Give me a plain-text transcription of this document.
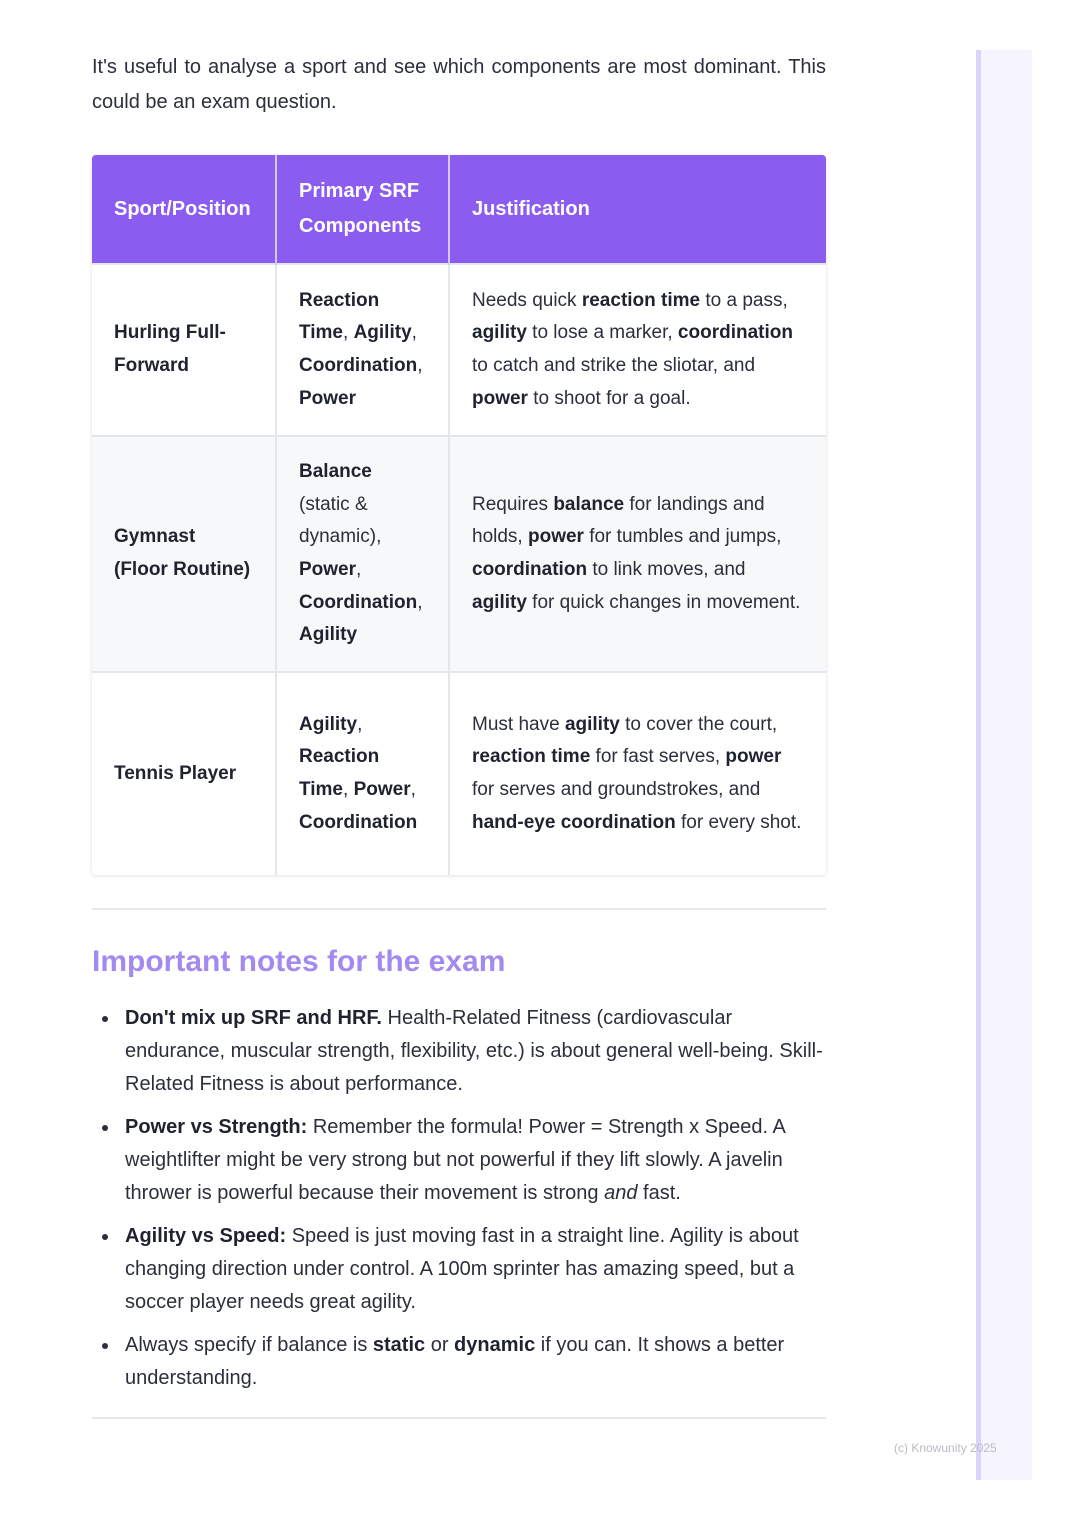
It's useful to analyse a sport and see which components are most dominant. This could be an exam question.

Sport/Position	Primary SRF Components	Justification
Hurling Full-Forward	Reaction Time, Agility, Coordination, Power	Needs quick reaction time to a pass, agility to lose a marker, coordination to catch and strike the sliotar, and power to shoot for a goal.
Gymnast (Floor Routine)	Balance (static & dynamic), Power, Coordination, Agility	Requires balance for landings and holds, power for tumbles and jumps, coordination to link moves, and agility for quick changes in movement.
Tennis Player	Agility, Reaction Time, Power, Coordination	Must have agility to cover the court, reaction time for fast serves, power for serves and groundstrokes, and hand-eye coordination for every shot.
Important notes for the exam
Don't mix up SRF and HRF. Health-Related Fitness (cardiovascular endurance, muscular strength, flexibility, etc.) is about general well-being. Skill-Related Fitness is about performance.
Power vs Strength: Remember the formula! Power = Strength x Speed. A weightlifter might be very strong but not powerful if they lift slowly. A javelin thrower is powerful because their movement is strong and fast.
Agility vs Speed: Speed is just moving fast in a straight line. Agility is about changing direction under control. A 100m sprinter has amazing speed, but a soccer player needs great agility.
Always specify if balance is static or dynamic if you can. It shows a better understanding.
(c) Knowunity 2025
